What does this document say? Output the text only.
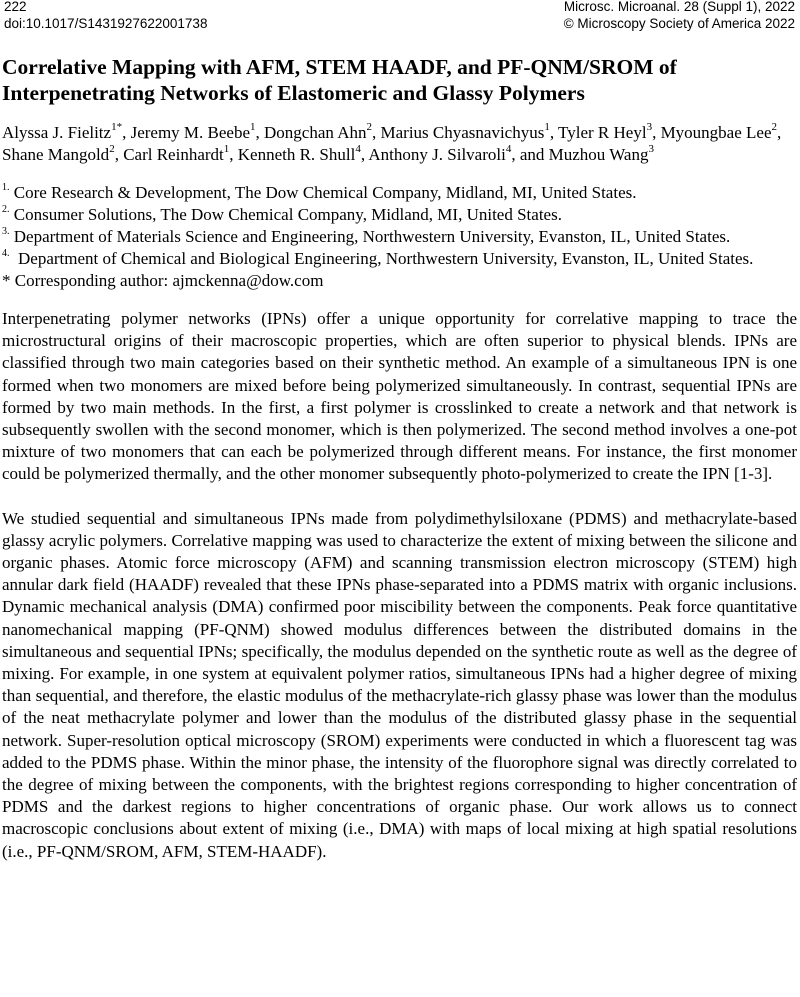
222
doi:10.1017/S1431927622001738
Microsc. Microanal. 28 (Suppl 1), 2022
© Microscopy Society of America 2022
Correlative Mapping with AFM, STEM HAADF, and PF-QNM/SROM of Interpenetrating Networks of Elastomeric and Glassy Polymers
Alyssa J. Fielitz$^{1*}$, Jeremy M. Beebe$^1$, Dongchan Ahn$^2$, Marius Chyasnavichyus$^1$, Tyler R Heyl$^3$, Myoungbae Lee$^2$, Shane Mangold$^2$, Carl Reinhardt$^1$, Kenneth R. Shull$^4$, Anthony J. Silvaroli$^4$, and Muzhou Wang$^3$
$^{1.}$ Core Research & Development, The Dow Chemical Company, Midland, MI, United States.
$^{2.}$ Consumer Solutions, The Dow Chemical Company, Midland, MI, United States.
$^{3.}$ Department of Materials Science and Engineering, Northwestern University, Evanston, IL, United States.
$^{4.}$  Department of Chemical and Biological Engineering, Northwestern University, Evanston, IL, United States.
* Corresponding author: ajmckenna@dow.com

Interpenetrating polymer networks (IPNs) offer a unique opportunity for correlative mapping to trace the microstructural origins of their macroscopic properties, which are often superior to physical blends. IPNs are classified through two main categories based on their synthetic method. An example of a simultaneous IPN is one formed when two monomers are mixed before being polymerized simultaneously. In contrast, sequential IPNs are formed by two main methods. In the first, a first polymer is crosslinked to create a network and that network is subsequently swollen with the second monomer, which is then polymerized. The second method involves a one-pot mixture of two monomers that can each be polymerized through different means. For instance, the first monomer could be polymerized thermally, and the other monomer subsequently photo-polymerized to create the IPN [1-3].

We studied sequential and simultaneous IPNs made from polydimethylsiloxane (PDMS) and methacrylate-based glassy acrylic polymers. Correlative mapping was used to characterize the extent of mixing between the silicone and organic phases. Atomic force microscopy (AFM) and scanning transmission electron microscopy (STEM) high annular dark field (HAADF) revealed that these IPNs phase-separated into a PDMS matrix with organic inclusions. Dynamic mechanical analysis (DMA) confirmed poor miscibility between the components. Peak force quantitative nanomechanical mapping (PF-QNM) showed modulus differences between the distributed domains in the simultaneous and sequential IPNs; specifically, the modulus depended on the synthetic route as well as the degree of mixing. For example, in one system at equivalent polymer ratios, simultaneous IPNs had a higher degree of mixing than sequential, and therefore, the elastic modulus of the methacrylate-rich glassy phase was lower than the modulus of the neat methacrylate polymer and lower than the modulus of the distributed glassy phase in the sequential network. Super-resolution optical microscopy (SROM) experiments were conducted in which a fluorescent tag was added to the PDMS phase. Within the minor phase, the intensity of the fluorophore signal was directly correlated to the degree of mixing between the components, with the brightest regions corresponding to higher concentration of PDMS and the darkest regions to higher concentrations of organic phase. Our work allows us to connect macroscopic conclusions about extent of mixing (i.e., DMA) with maps of local mixing at high spatial resolutions (i.e., PF-QNM/SROM, AFM, STEM-HAADF).
